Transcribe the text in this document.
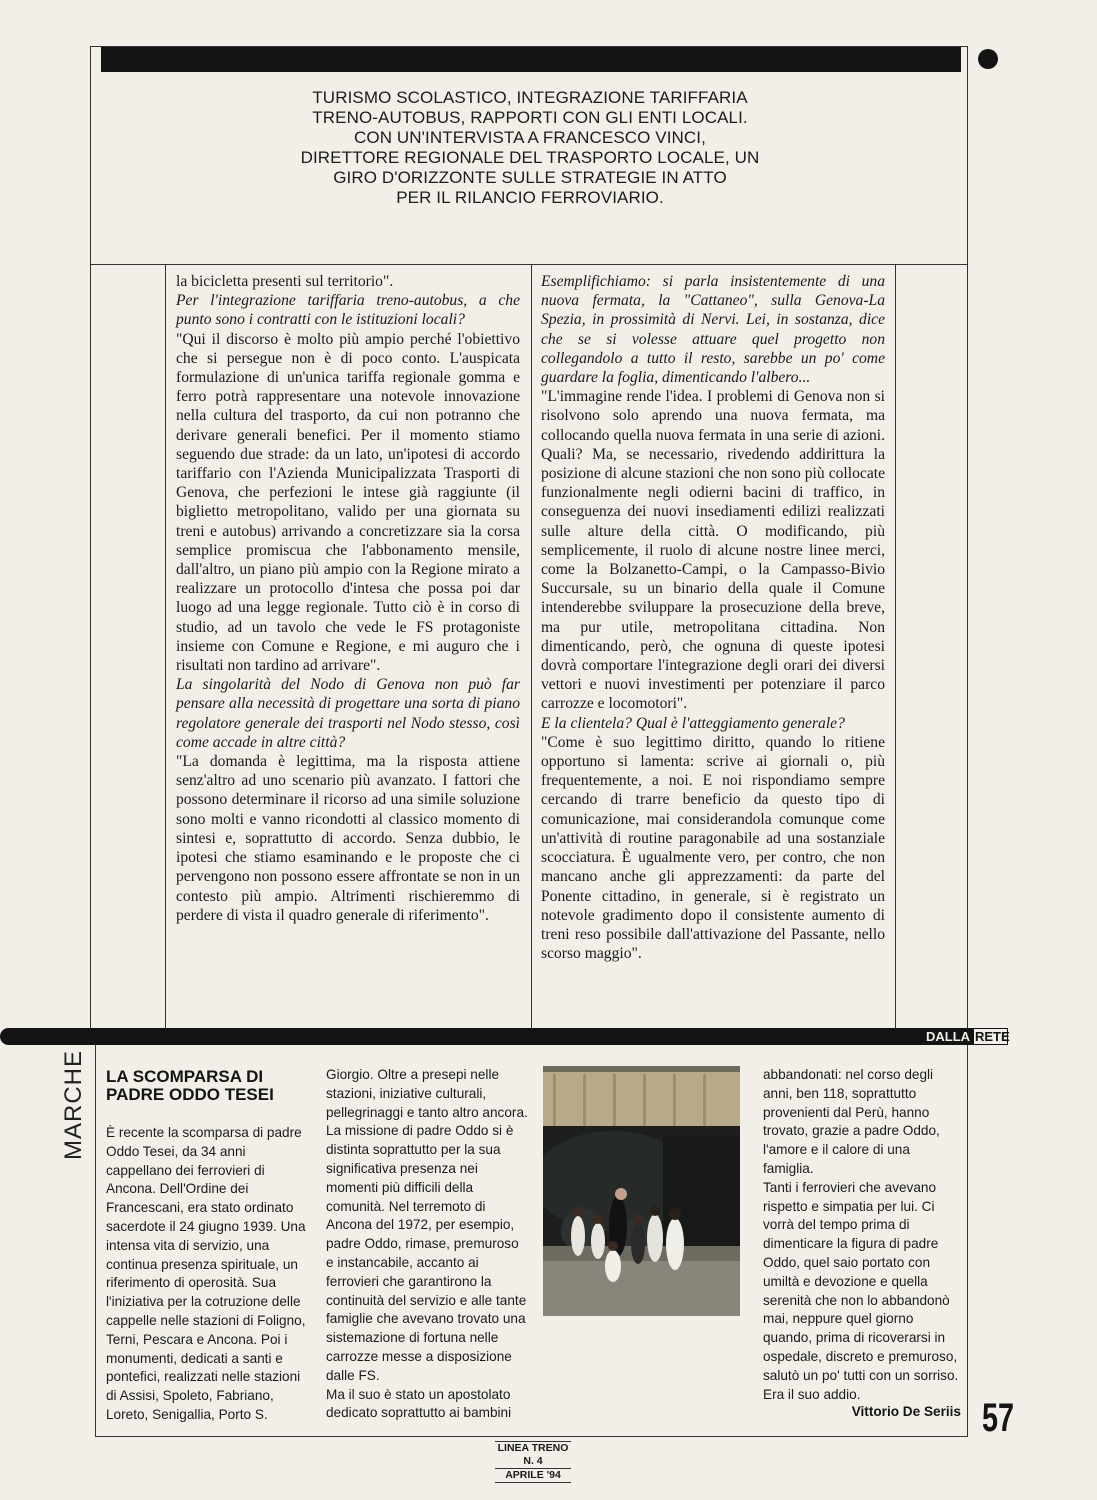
TURISMO SCOLASTICO, INTEGRAZIONE TARIFFARIA
TRENO-AUTOBUS, RAPPORTI CON GLI ENTI LOCALI.
CON UN'INTERVISTA A FRANCESCO VINCI,
DIRETTORE REGIONALE DEL TRASPORTO LOCALE, UN
GIRO D'ORIZZONTE SULLE STRATEGIE IN ATTO
PER IL RILANCIO FERROVIARIO.

la bicicletta presenti sul territorio".

Per l'integrazione tariffaria treno-autobus, a che punto sono i contratti con le istituzioni locali?

"Qui il discorso è molto più ampio perché l'obiettivo che si persegue non è di poco conto. L'auspicata formulazione di un'unica tariffa regionale gomma e ferro potrà rappresentare una notevole innovazione nella cultura del trasporto, da cui non potranno che derivare generali benefici. Per il momento stiamo seguendo due strade: da un lato, un'ipotesi di accordo tariffario con l'Azienda Municipalizzata Trasporti di Genova, che perfezioni le intese già raggiunte (il biglietto metropolitano, valido per una giornata su treni e autobus) arrivando a concretizzare sia la corsa semplice promiscua che l'abbonamento mensile, dall'altro, un piano più ampio con la Regione mirato a realizzare un protocollo d'intesa che possa poi dar luogo ad una legge regionale. Tutto ciò è in corso di studio, ad un tavolo che vede le FS protagoniste insieme con Comune e Regione, e mi auguro che i risultati non tardino ad arrivare".

La singolarità del Nodo di Genova non può far pensare alla necessità di progettare una sorta di piano regolatore generale dei trasporti nel Nodo stesso, così come accade in altre città?

"La domanda è legittima, ma la risposta attiene senz'altro ad uno scenario più avanzato. I fattori che possono determinare il ricorso ad una simile soluzione sono molti e vanno ricondotti al classico momento di sintesi e, soprattutto di accordo. Senza dubbio, le ipotesi che stiamo esaminando e le proposte che ci pervengono non possono essere affrontate se non in un contesto più ampio. Altrimenti rischieremmo di perdere di vista il quadro generale di riferimento".

Esemplifichiamo: si parla insistentemente di una nuova fermata, la "Cattaneo", sulla Genova-La Spezia, in prossimità di Nervi. Lei, in sostanza, dice che se si volesse attuare quel progetto non collegandolo a tutto il resto, sarebbe un po' come guardare la foglia, dimenticando l'albero...

"L'immagine rende l'idea. I problemi di Genova non si risolvono solo aprendo una nuova fermata, ma collocando quella nuova fermata in una serie di azioni. Quali? Ma, se necessario, rivedendo addirittura la posizione di alcune stazioni che non sono più collocate funzionalmente negli odierni bacini di traffico, in conseguenza dei nuovi insediamenti edilizi realizzati sulle alture della città. O modificando, più semplicemente, il ruolo di alcune nostre linee merci, come la Bolzanetto-Campi, o la Campasso-Bivio Succursale, su un binario della quale il Comune intenderebbe sviluppare la prosecuzione della breve, ma pur utile, metropolitana cittadina. Non dimenticando, però, che ognuna di queste ipotesi dovrà comportare l'integrazione degli orari dei diversi vettori e nuovi investimenti per potenziare il parco carrozze e locomotori".

E la clientela? Qual è l'atteggiamento generale?

"Come è suo legittimo diritto, quando lo ritiene opportuno si lamenta: scrive ai giornali o, più frequentemente, a noi. E noi rispondiamo sempre cercando di trarre beneficio da questo tipo di comunicazione, mai considerandola comunque come un'attività di routine paragonabile ad una sostanziale scocciatura. È ugualmente vero, per contro, che non mancano anche gli apprezzamenti: da parte del Ponente cittadino, in generale, si è registrato un notevole gradimento dopo il consistente aumento di treni reso possibile dall'attivazione del Passante, nello scorso maggio".

DALLA RETE
MARCHE LA SCOMPARSA DI
PADRE ODDO TESEI
È recente la scomparsa di padre
Oddo Tesei, da 34 anni
cappellano dei ferrovieri di
Ancona. Dell'Ordine dei
Francescani, era stato ordinato
sacerdote il 24 giugno 1939. Una
intensa vita di servizio, una
continua presenza spirituale, un
riferimento di operosità. Sua
l'iniziativa per la cotruzione delle
cappelle nelle stazioni di Foligno,
Terni, Pescara e Ancona. Poi i
monumenti, dedicati a santi e
pontefici, realizzati nelle stazioni
di Assisi, Spoleto, Fabriano,
Loreto, Senigallia, Porto S.
Giorgio. Oltre a presepi nelle
stazioni, iniziative culturali,
pellegrinaggi e tanto altro ancora.
La missione di padre Oddo si è
distinta soprattutto per la sua
significativa presenza nei
momenti più difficili della
comunità. Nel terremoto di
Ancona del 1972, per esempio,
padre Oddo, rimase, premuroso
e instancabile, accanto ai
ferrovieri che garantirono la
continuità del servizio e alle tante
famiglie che avevano trovato una
sistemazione di fortuna nelle
carrozze messe a disposizione
dalle FS.
Ma il suo è stato un apostolato
dedicato soprattutto ai bambini
abbandonati: nel corso degli
anni, ben 118, soprattutto
provenienti dal Perù, hanno
trovato, grazie a padre Oddo,
l'amore e il calore di una
famiglia.
Tanti i ferrovieri che avevano
rispetto e simpatia per lui. Ci
vorrà del tempo prima di
dimenticare la figura di padre
Oddo, quel saio portato con
umiltà e devozione e quella
serenità che non lo abbandonò
mai, neppure quel giorno
quando, prima di ricoverarsi in
ospedale, discreto e premuroso,
salutò un po' tutti con un sorriso.
Era il suo addio.
Vittorio De Seriis 57
LINEA TRENO
N. 4
APRILE '94
